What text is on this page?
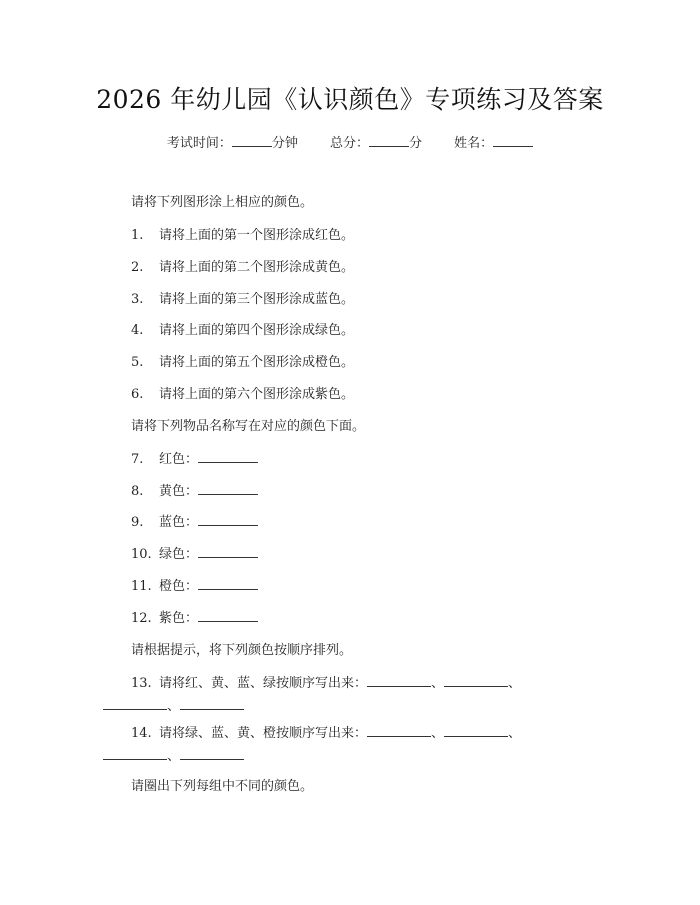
2026 年幼儿园《认识颜色》专项练习及答案
考试时间：	分钟 总分：	分 姓名：
请将下列图形涂上相应的颜色。
1. 请将上面的第一个图形涂成红色。
2. 请将上面的第二个图形涂成黄色。
3. 请将上面的第三个图形涂成蓝色。
4. 请将上面的第四个图形涂成绿色。
5. 请将上面的第五个图形涂成橙色。
6. 请将上面的第六个图形涂成紫色。
请将下列物品名称写在对应的颜色下面。
7. 红色：
8. 黄色：
9. 蓝色：
10. 绿色：
11. 橙色：
12. 紫色：
请根据提示，将下列颜色按顺序排列。
13. 请将红、黄、蓝、绿按顺序写出来：	、	、
、
14. 请将绿、蓝、黄、橙按顺序写出来：	、	、
、
请圈出下列每组中不同的颜色。
